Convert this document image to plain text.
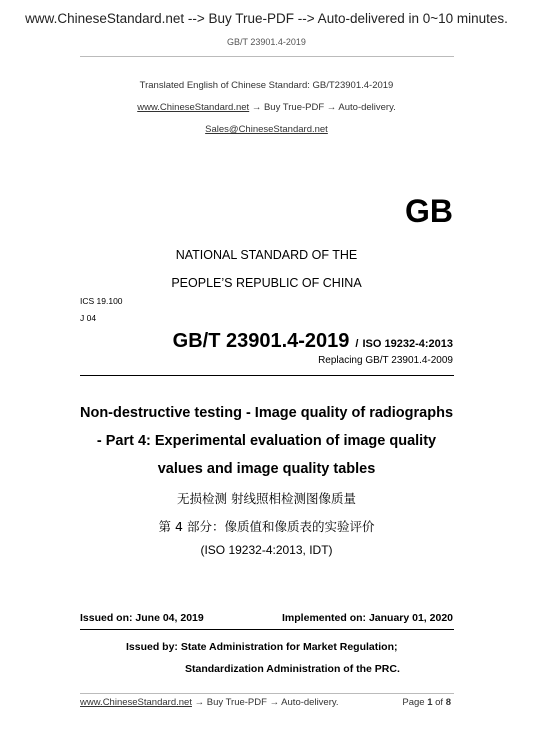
www.ChineseStandard.net --> Buy True-PDF --> Auto-delivered in 0~10 minutes.
GB/T 23901.4-2019
Translated English of Chinese Standard: GB/T23901.4-2019
www.ChineseStandard.net → Buy True-PDF → Auto-delivery.
Sales@ChineseStandard.net
GB
NATIONAL STANDARD OF THE
PEOPLE’S REPUBLIC OF CHINA
ICS 19.100
J 04
GB/T 23901.4-2019 / ISO 19232-4:2013
Replacing GB/T 23901.4-2009
Non-destructive testing - Image quality of radiographs
- Part 4: Experimental evaluation of image quality
values and image quality tables
无损检测 射线照相检测图像质量
第 4 部分：像质值和像质表的实验评价
(ISO 19232-4:2013, IDT)
Issued on: June 04, 2019	Implemented on: January 01, 2020
Issued by: State Administration for Market Regulation;
Standardization Administration of the PRC.
www.ChineseStandard.net → Buy True-PDF → Auto-delivery.	Page 1 of 8
